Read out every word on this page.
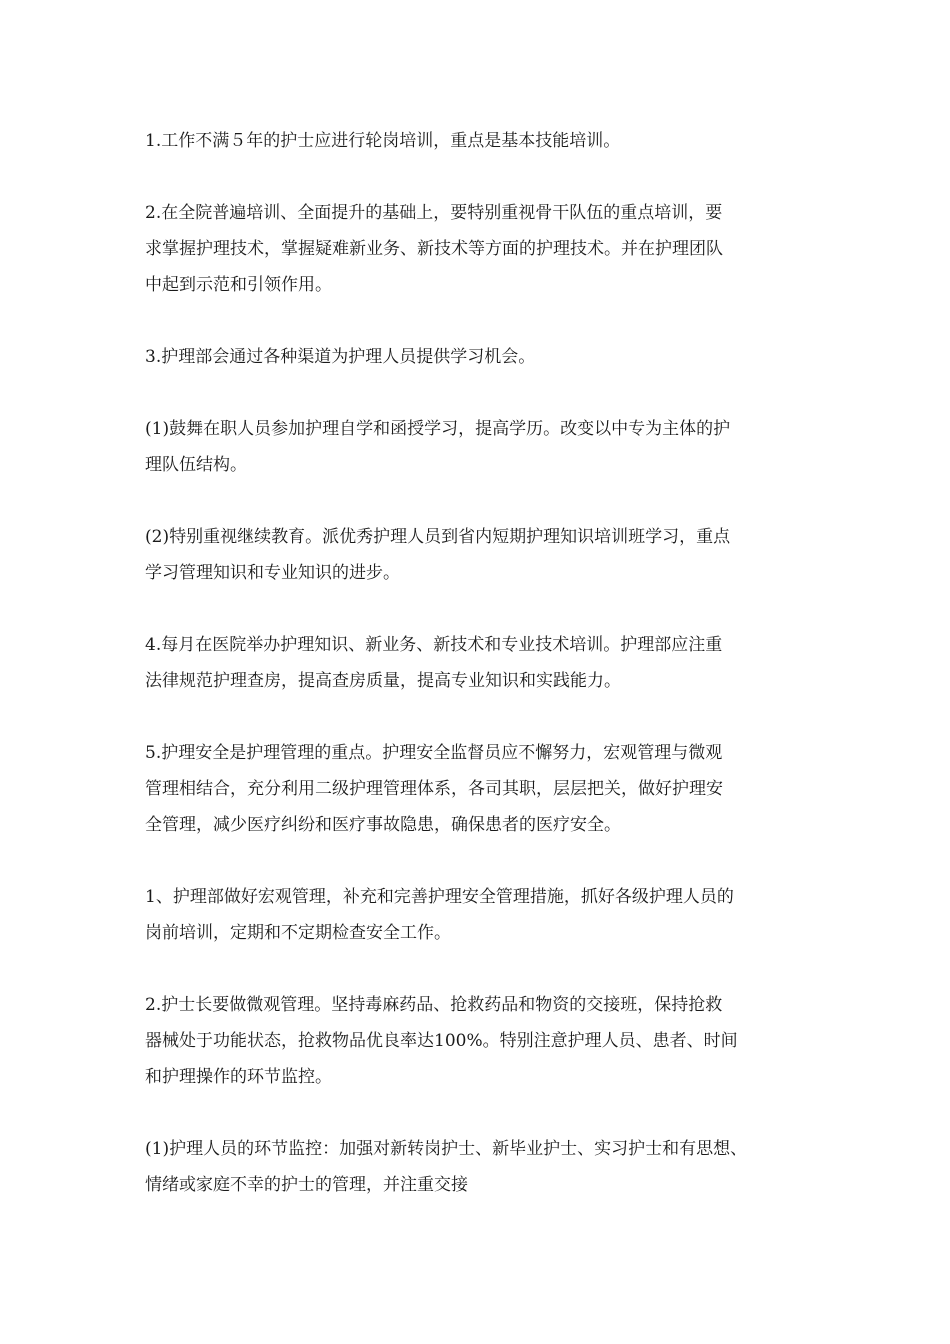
1.工作不满５年的护士应进行轮岗培训，重点是基本技能培训。

2.在全院普遍培训、全面提升的基础上，要特别重视骨干队伍的重点培训，要
求掌握护理技术，掌握疑难新业务、新技术等方面的护理技术。并在护理团队
中起到示范和引领作用。

3.护理部会通过各种渠道为护理人员提供学习机会。

(1)鼓舞在职人员参加护理自学和函授学习，提高学历。改变以中专为主体的护
理队伍结构。

(2)特别重视继续教育。派优秀护理人员到省内短期护理知识培训班学习，重点
学习管理知识和专业知识的进步。

4.每月在医院举办护理知识、新业务、新技术和专业技术培训。护理部应注重
法律规范护理查房，提高查房质量，提高专业知识和实践能力。

5.护理安全是护理管理的重点。护理安全监督员应不懈努力，宏观管理与微观
管理相结合，充分利用二级护理管理体系，各司其职，层层把关，做好护理安
全管理，减少医疗纠纷和医疗事故隐患，确保患者的医疗安全。

1、护理部做好宏观管理，补充和完善护理安全管理措施，抓好各级护理人员的
岗前培训，定期和不定期检查安全工作。

2.护士长要做微观管理。坚持毒麻药品、抢救药品和物资的交接班，保持抢救
器械处于功能状态，抢救物品优良率达100%。特别注意护理人员、患者、时间
和护理操作的环节监控。

(1)护理人员的环节监控：加强对新转岗护士、新毕业护士、实习护士和有思想、
情绪或家庭不幸的护士的管理，并注重交接
